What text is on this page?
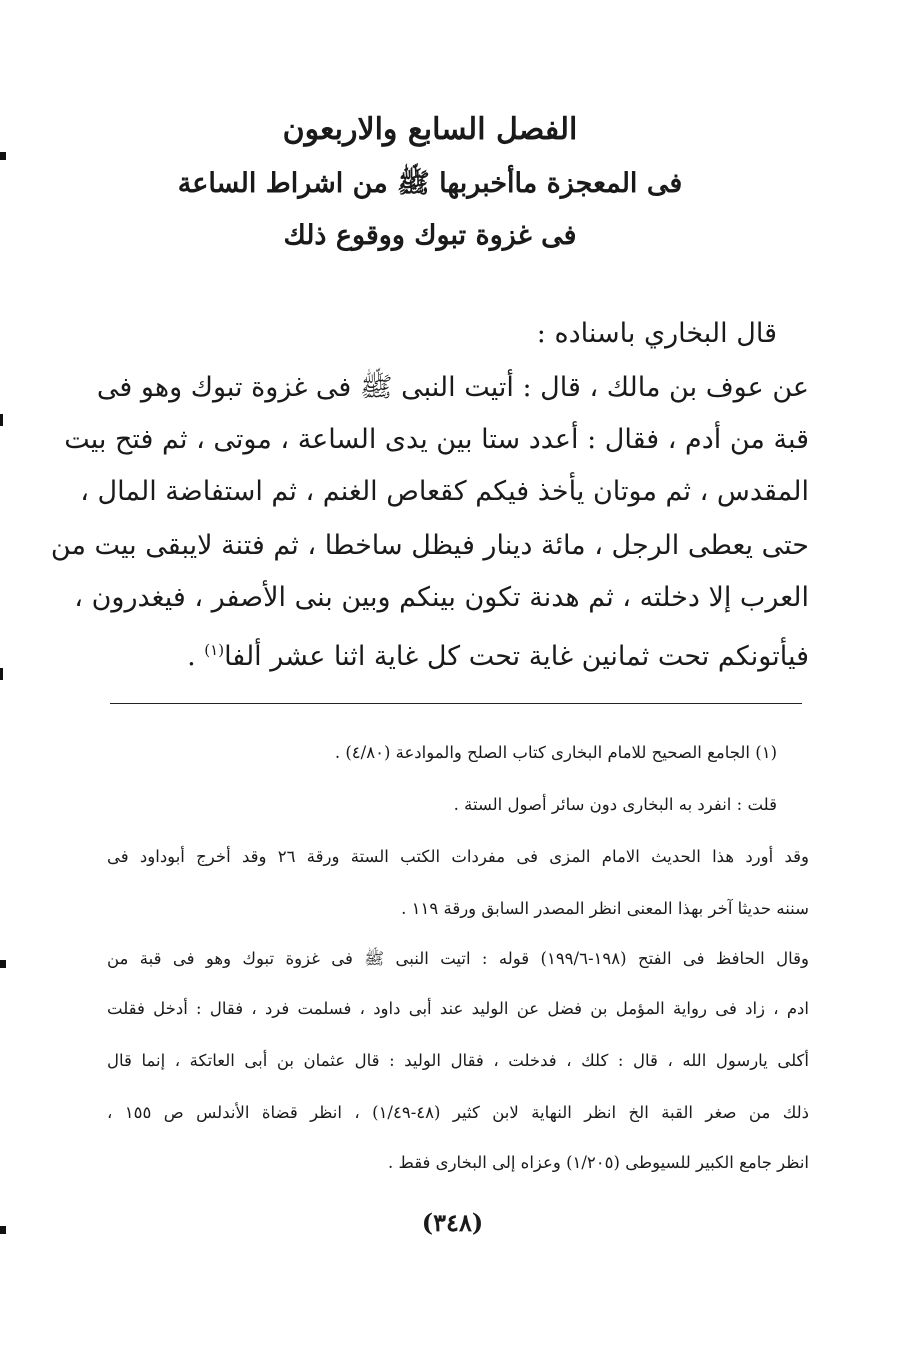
الفصل السابع والاربعون
فى المعجزة ماأخبربها ﷺ من اشراط الساعة
فى غزوة تبوك ووقوع ذلك

قال البخاري باسناده :

عن عوف بن مالك ، قال : أتيت النبى ﷺ فى غزوة تبوك وهو فى

قبة من أدم ، فقال : أعدد ستا بين يدى الساعة ، موتى ، ثم فتح بيت

المقدس ، ثم موتان يأخذ فيكم كقعاص الغنم ، ثم استفاضة المال ،

حتى يعطى الرجل ، مائة دينار فيظل ساخطا ، ثم فتنة لايبقى بيت من

العرب إلا دخلته ، ثم هدنة تكون بينكم وبين بنى الأصفر ، فيغدرون ،

فيأتونكم تحت ثمانين غاية تحت كل غاية اثنا عشر ألفا$^{(١)}$ .

(١) الجامع الصحيح للامام البخارى كتاب الصلح والموادعة (٤/٨٠) .

قلت : انفرد به البخارى دون سائر أصول الستة .

وقد أورد هذا الحديث الامام المزى فى مفردات الكتب الستة ورقة ٢٦ وقد أخرج أبوداود فى

سننه حديثا آخر بهذا المعنى انظر المصدر السابق ورقة ١١٩ .

وقال الحافظ فى الفتح (١٩٨-١٩٩/٦) قوله : اتيت النبى ﷺ فى غزوة تبوك وهو فى قبة من

ادم ، زاد فى رواية المؤمل بن فضل عن الوليد عند أبى داود ، فسلمت فرد ، فقال : أدخل فقلت

أكلى يارسول الله ، قال : كلك ، فدخلت ، فقال الوليد : قال عثمان بن أبى العاتكة ، إنما قال

ذلك من صغر القبة الخ انظر النهاية لابن كثير (٤٨-١/٤٩) ، انظر قضاة الأندلس ص ١٥٥ ،

انظر جامع الكبير للسيوطى (١/٢٠٥) وعزاه إلى البخارى فقط .

(٣٤٨)
